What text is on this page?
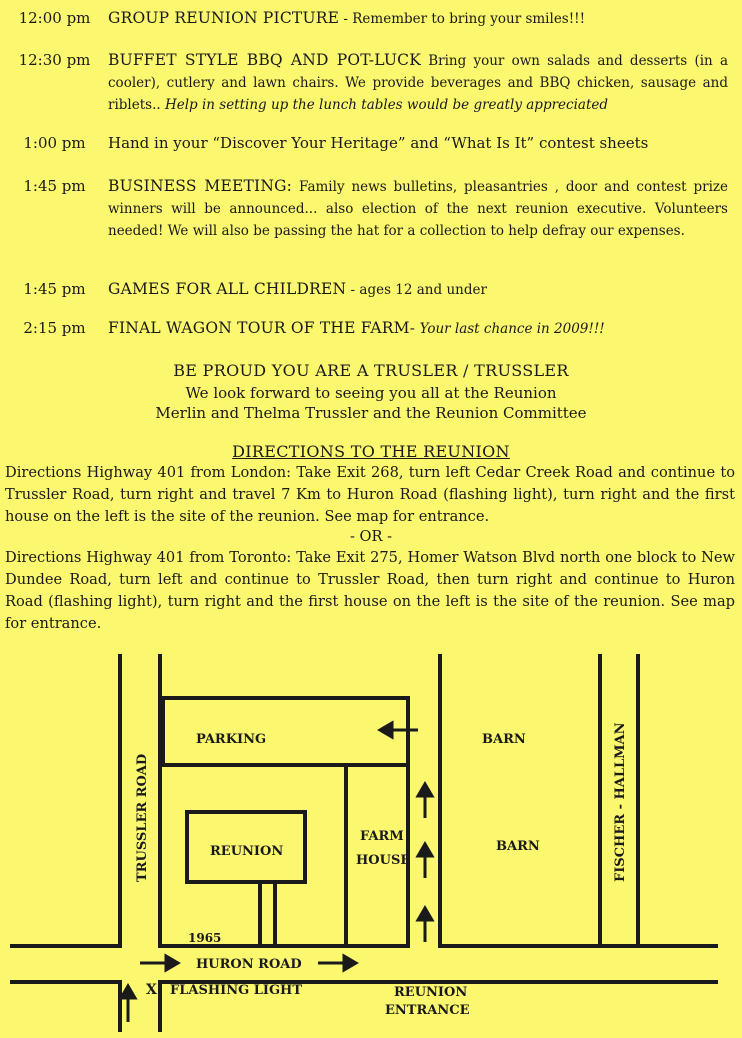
12:00 pm	GROUP REUNION PICTURE - Remember to bring your smiles!!!
12:30 pm	BUFFET STYLE BBQ AND POT-LUCK Bring your own salads and desserts (in a cooler), cutlery and lawn chairs. We provide beverages and BBQ chicken, sausage and riblets.. Help in setting up the lunch tables would be greatly appreciated
1:00 pm	Hand in your “Discover Your Heritage” and “What Is It” contest sheets
1:45 pm	BUSINESS MEETING: Family news bulletins, pleasantries , door and contest prize winners will be announced... also election of the next reunion executive. Volunteers needed! We will also be passing the hat for a collection to help defray our expenses.
1:45 pm	GAMES FOR ALL CHILDREN - ages 12 and under
2:15 pm	FINAL WAGON TOUR OF THE FARM- Your last chance in 2009!!!
BE PROUD YOU ARE A TRUSLER / TRUSSLER
We look forward to seeing you all at the Reunion
Merlin and Thelma Trussler and the Reunion Committee
DIRECTIONS TO THE REUNION
Directions Highway 401 from London: Take Exit 268, turn left Cedar Creek Road and continue to Trussler Road, turn right and travel 7 Km to Huron Road (flashing light), turn right and the first house on the left is the site of the reunion. See map for entrance.
- OR -
Directions Highway 401 from Toronto: Take Exit 275, Homer Watson Blvd north one block to New Dundee Road, turn left and continue to Trussler Road, then turn right and continue to Huron Road (flashing light), turn right and the first house on the left is the site of the reunion. See map for entrance.
PARKING	BARN
BARN
FARM
HOUSE
REUNION
TRUSSLER ROAD	FISCHER - HALLMAN
1965
HURON ROAD
X FLASHING LIGHT	REUNION
ENTRANCE
